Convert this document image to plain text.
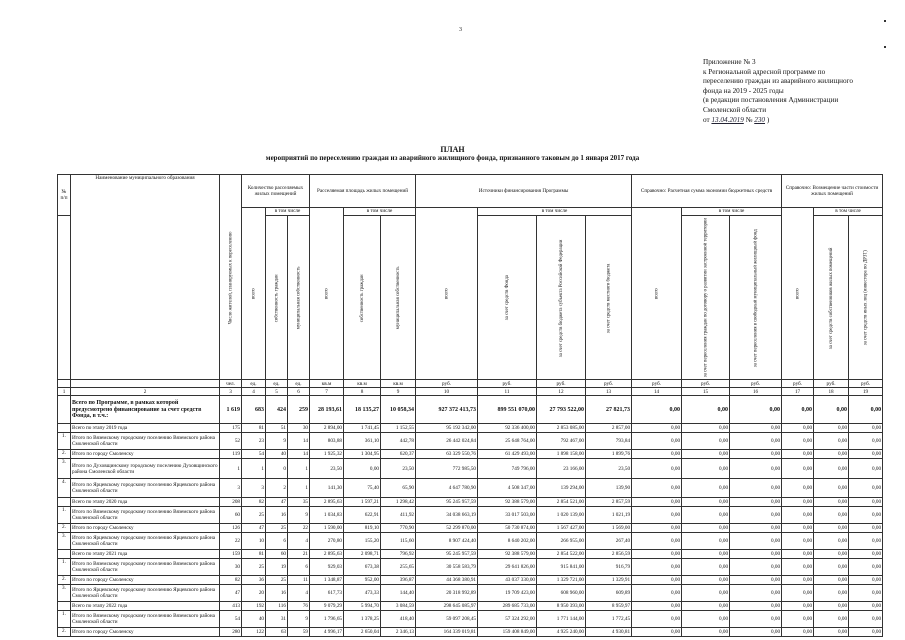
3
Приложение № 3
к Региональной адресной программе по
переселению граждан из аварийного жилищного
фонда на 2019 - 2025 годы
(в редакции постановления Администрации
Смоленской области
от 13.04.2019 № 230 )
ПЛАН
мероприятий по переселению граждан из аварийного жилищного фонда, признанного таковым до 1 января 2017 года
№ п/п	Наименование муниципального образования	Число жителей, планируемых к переселению	Количество расселяемых жилых помещений			Расселяемая площадь жилых помещений			Источники финансирования Программы				Справочно: Расчетная сумма экономии бюджетных средств			Справочно: Возмещение части стоимости жилых помещений		
			всего	в том числе		всего	в том числе		всего	в том числе			всего	в том числе		всего	в том числе	
				собственность граждан	муниципальная собственность		собственность граждан	муниципальная собственность		за счет средств Фонда	за счет средств бюджета субъекта Российской Федерации	за счет средств местного бюджета		за счет переселения граждан по договору о развитии застроенной территории	за счет переселения в свободный муниципальный жилищный фонд		за счет средств собственников жилых помещений	за счет средств иных лиц (инвестора по ДРЗТ)
		чел.	ед.	ед.	ед.	кв.м	кв.м	кв.м	руб.	руб.	руб.	руб.	руб.	руб.	руб.	руб.	руб.	руб.
1	2	3	4	5	6	7	8	9	10	11	12	13	14	15	16	17	18	19
	Всего по Программе, в рамках которой предусмотрено финансирование за счет средств Фонда, в т.ч.:	1 619	683	424	259	28 193,61	18 135,27	10 058,34	927 372 413,73	899 551 070,00	27 793 522,00	27 821,73	0,00	0,00	0,00	0,00	0,00	0,00
	Всего по этапу 2019 года	175	81	51	30	2 894,00	1 741,45	1 152,55	95 192 342,00	92 336 400,00	2 853 085,00	2 857,00	0,00	0,00	0,00	0,00	0,00	0,00
1.	Итого по Вяземскому городскому поселению Вяземского района Смоленской области	52	23	9	14	803,88	361,10	442,78	26 442 024,84	25 648 764,00	792 467,00	793,84	0,00	0,00	0,00	0,00	0,00	0,00
2.	Итого по городу Смоленску	119	54	40	14	1 925,32	1 304,95	620,37	63 329 550,76	61 429 493,00	1 898 158,00	1 899,76	0,00	0,00	0,00	0,00	0,00	0,00
3.	Итого по Духовщинскому городскому поселению Духовщинского района Смоленской области	1	1	0	1	23,50	0,00	23,50	772 985,50	749 796,00	23 166,00	23,50	0,00	0,00	0,00	0,00	0,00	0,00
4.	Итого по Ярцевскому городскому поселению Ярцевского района Смоленской области	3	3	2	1	141,30	75,40	65,90	4 647 780,90	4 508 347,00	139 294,00	139,90	0,00	0,00	0,00	0,00	0,00	0,00
	Всего по этапу 2020 года	208	82	47	35	2 895,63	1 597,21	1 298,42	95 245 957,59	92 388 579,00	2 854 521,00	2 857,59	0,00	0,00	0,00	0,00	0,00	0,00
1.	Итого по Вяземскому городскому поселению Вяземского района Смоленской области	60	25	16	9	1 034,83	622,91	411,92	34 038 663,19	33 017 503,00	1 020 139,00	1 021,19	0,00	0,00	0,00	0,00	0,00	0,00
2.	Итого по городу Смоленску	126	47	25	22	1 590,00	819,10	770,90	52 299 870,00	50 730 874,00	1 567 427,00	1 569,00	0,00	0,00	0,00	0,00	0,00	0,00
3.	Итого по Ярцевскому городскому поселению Ярцевского района Смоленской области	22	10	6	4	270,80	155,20	115,60	8 907 424,40	8 640 202,00	266 955,00	267,40	0,00	0,00	0,00	0,00	0,00	0,00
	Всего по этапу 2021 года	159	81	60	21	2 895,63	2 098,71	796,92	95 245 957,59	92 388 579,00	2 854 522,00	2 856,59	0,00	0,00	0,00	0,00	0,00	0,00
1.	Итого по Вяземскому городскому поселению Вяземского района Смоленской области	30	25	19	6	929,03	673,38	255,65	30 558 583,79	29 641 826,00	915 841,00	916,79	0,00	0,00	0,00	0,00	0,00	0,00
2.	Итого по городу Смоленску	82	36	25	11	1 348,87	952,00	396,87	44 368 380,91	43 037 330,00	1 329 721,00	1 329,91	0,00	0,00	0,00	0,00	0,00	0,00
3.	Итого по Ярцевскому городскому поселению Ярцевского района Смоленской области	47	20	16	4	617,73	473,33	144,40	20 318 992,89	19 709 423,00	608 960,00	609,89	0,00	0,00	0,00	0,00	0,00	0,00
	Всего по этапу 2022 года	413	192	116	76	9 079,29	5 994,70	3 084,59	298 645 085,97	289 685 733,00	8 950 393,00	8 959,97	0,00	0,00	0,00	0,00	0,00	0,00
1.	Итого по Вяземскому городскому поселению Вяземского района Смоленской области	54	40	31	9	1 796,65	1 378,25	418,40	59 097 208,45	57 324 292,00	1 771 144,00	1 772,45	0,00	0,00	0,00	0,00	0,00	0,00
2.	Итого по городу Смоленску	280	122	63	59	4 996,17	2 650,04	2 346,13	164 339 019,81	159 408 849,00	4 925 240,00	4 930,81	0,00	0,00	0,00	0,00	0,00	0,00
